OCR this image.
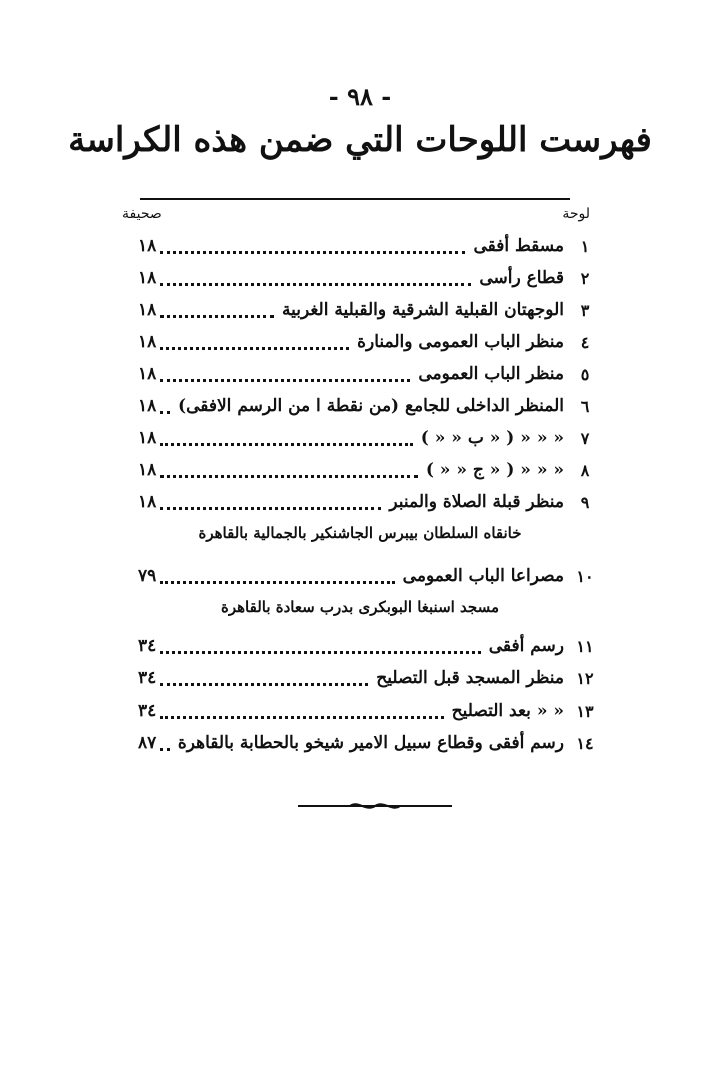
- ٩٨ -
فهرست اللوحات التي ضمن هذه الكراسة
لوحة
صحيفة
١
مسقط أفقى
١٨
٢
قطاع رأسى
١٨
٣
الوجهتان القبلية الشرقية والقبلية الغربية
١٨
٤
منظر الباب العمومى والمنارة
١٨
٥
منظر الباب العمومى
١٨
٦
المنظر الداخلى للجامع (من نقطة ا من الرسم الافقى)
١٨
٧
« « « ( « ب « « )
١٨
٨
« « « ( « ج « « )
١٨
٩
منظر قبلة الصلاة والمنبر
١٨
خانقاه السلطان بيبرس الجاشنكير بالجمالية بالقاهرة
١٠
مصراعا الباب العمومى
٧٩
مسجد اسنبغا البوبكرى بدرب سعادة بالقاهرة
١١
رسم أفقى
٣٤
١٢
منظر المسجد قبل التصليح
٣٤
١٣
« « بعد التصليح
٣٤
١٤
رسم أفقى وقطاع سبيل الامير شيخو بالحطابة بالقاهرة
٨٧
